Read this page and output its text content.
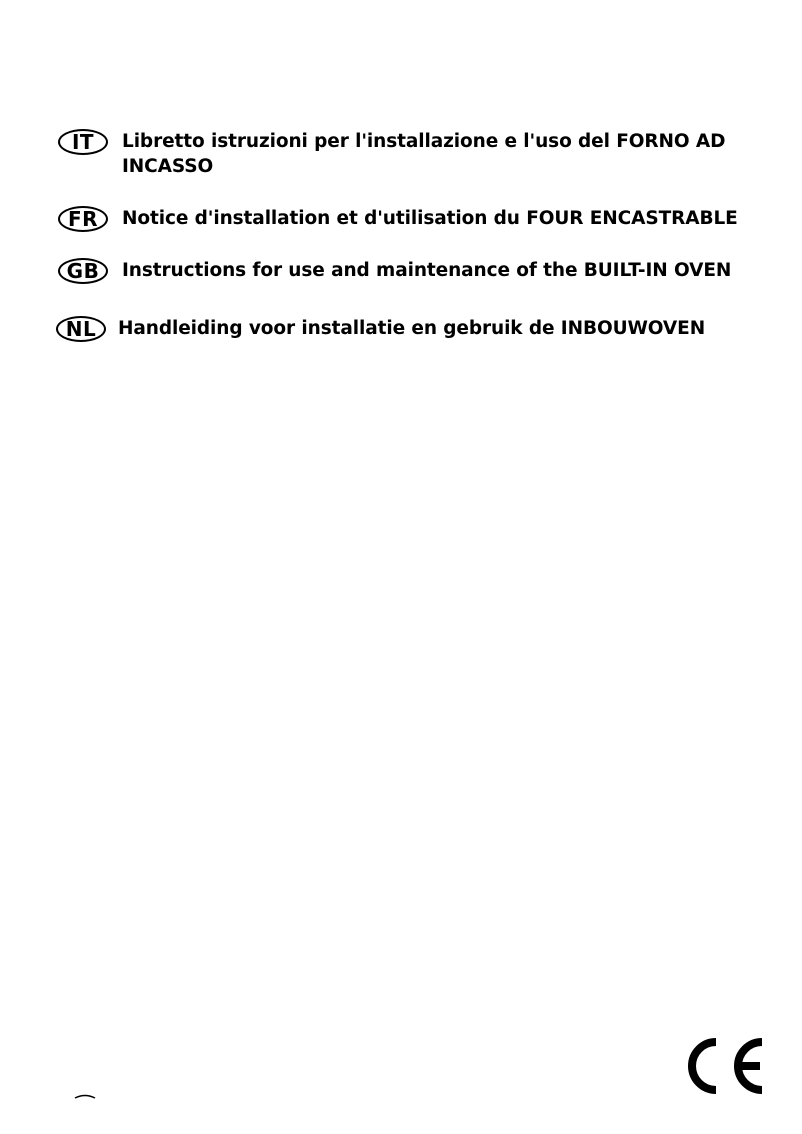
IT	Libretto istruzioni per l'installazione e l'uso del FORNO AD INCASSO
FR	Notice d'installation et d'utilisation du FOUR ENCASTRABLE
GB	Instructions for use and maintenance of the BUILT-IN OVEN
NL	Handleiding voor installatie en gebruik de INBOUWOVEN
